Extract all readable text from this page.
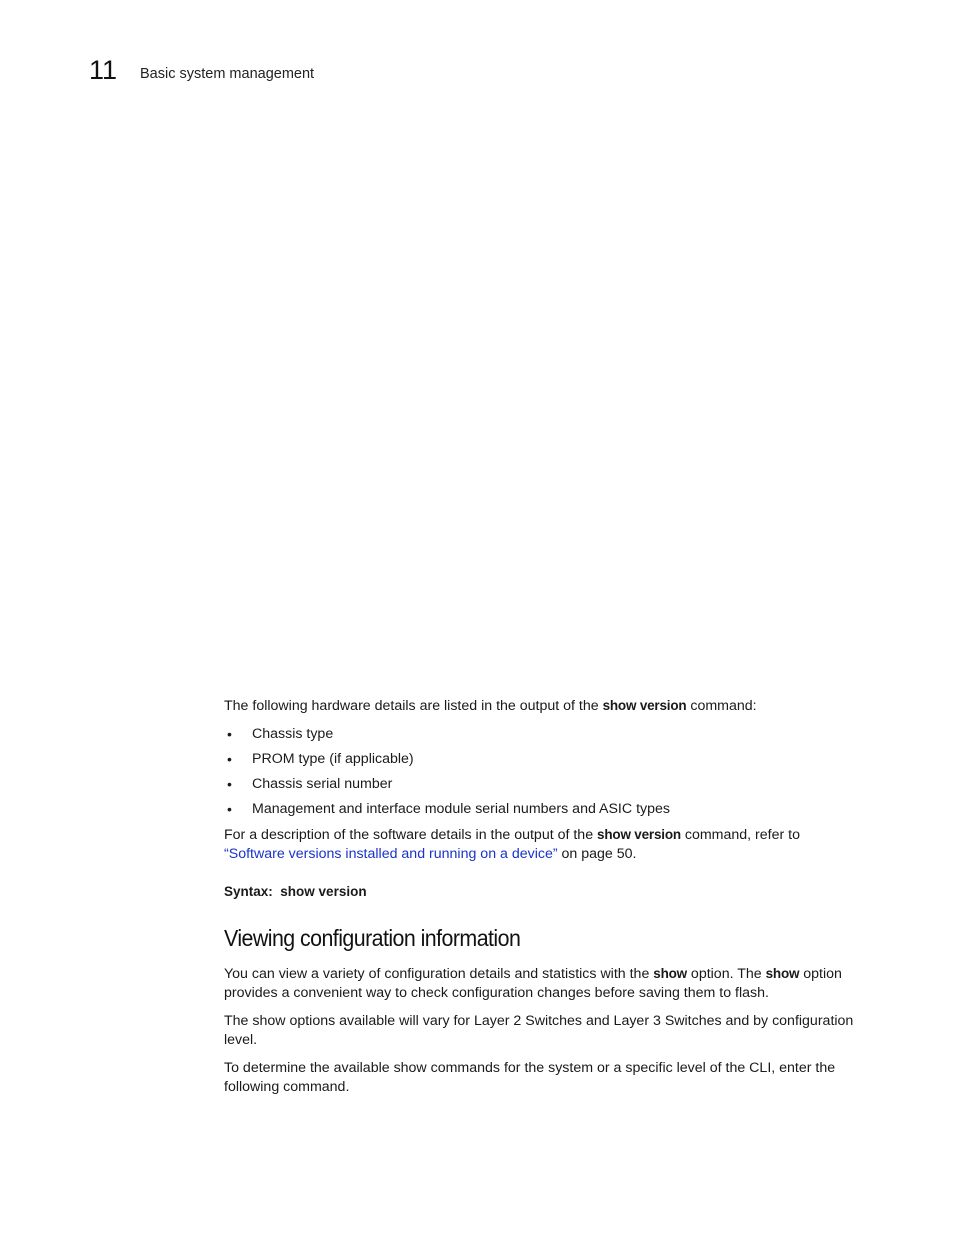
11 Basic system management

The following hardware details are listed in the output of the show version command:

• Chassis type
• PROM type (if applicable)
• Chassis serial number
• Management and interface module serial numbers and ASIC types

For a description of the software details in the output of the show version command, refer to
“Software versions installed and running on a device” on page 50.

Syntax: show version

Viewing configuration information

You can view a variety of configuration details and statistics with the show option. The show option provides a convenient way to check configuration changes before saving them to flash.

The show options available will vary for Layer 2 Switches and Layer 3 Switches and by configuration level.

To determine the available show commands for the system or a specific level of the CLI, enter the following command.
